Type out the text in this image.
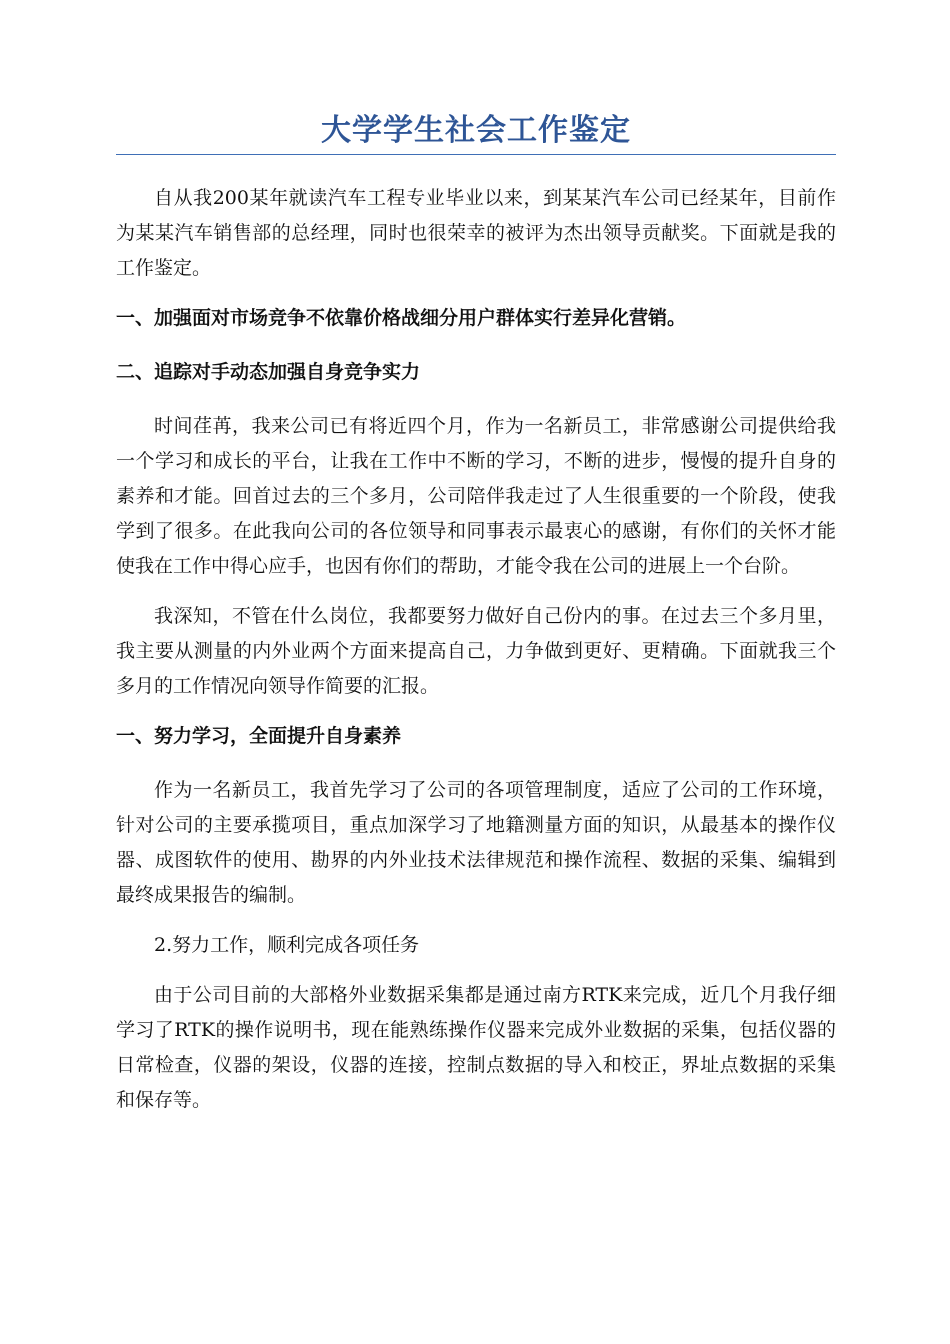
大学学生社会工作鉴定

自从我200某年就读汽车工程专业毕业以来，到某某汽车公司已经某年，目前作为某某汽车销售部的总经理，同时也很荣幸的被评为杰出领导贡献奖。下面就是我的工作鉴定。

一、加强面对市场竞争不依靠价格战细分用户群体实行差异化营销。

二、追踪对手动态加强自身竞争实力

时间荏苒，我来公司已有将近四个月，作为一名新员工，非常感谢公司提供给我一个学习和成长的平台，让我在工作中不断的学习，不断的进步，慢慢的提升自身的素养和才能。回首过去的三个多月，公司陪伴我走过了人生很重要的一个阶段，使我学到了很多。在此我向公司的各位领导和同事表示最衷心的感谢，有你们的关怀才能使我在工作中得心应手，也因有你们的帮助，才能令我在公司的进展上一个台阶。

我深知，不管在什么岗位，我都要努力做好自己份内的事。在过去三个多月里，我主要从测量的内外业两个方面来提高自己，力争做到更好、更精确。下面就我三个多月的工作情况向领导作简要的汇报。

一、努力学习，全面提升自身素养

作为一名新员工，我首先学习了公司的各项管理制度，适应了公司的工作环境，针对公司的主要承揽项目，重点加深学习了地籍测量方面的知识，从最基本的操作仪器、成图软件的使用、勘界的内外业技术法律规范和操作流程、数据的采集、编辑到最终成果报告的编制。

2.努力工作，顺利完成各项任务

由于公司目前的大部格外业数据采集都是通过南方RTK来完成，近几个月我仔细学习了RTK的操作说明书，现在能熟练操作仪器来完成外业数据的采集，包括仪器的日常检查，仪器的架设，仪器的连接，控制点数据的导入和校正，界址点数据的采集和保存等。
